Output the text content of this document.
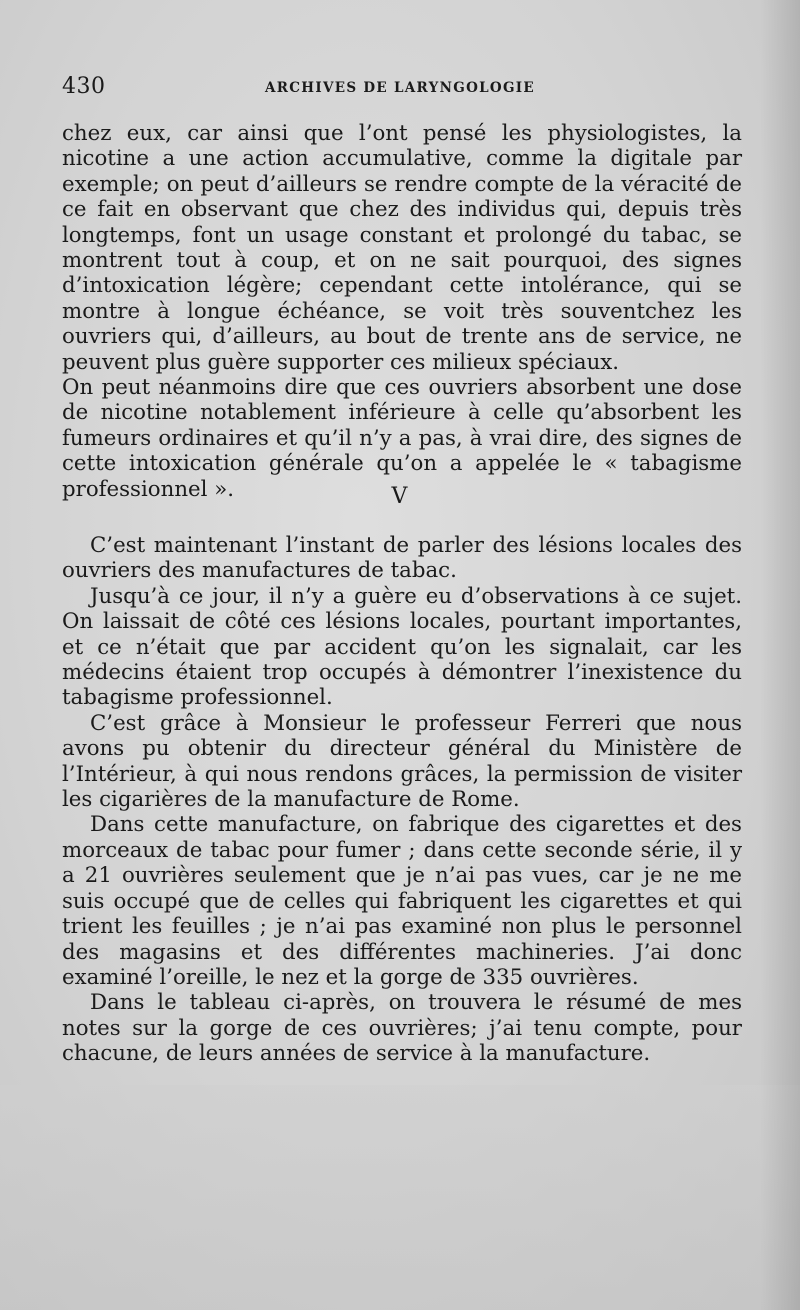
430	ARCHIVES DE LARYNGOLOGIE

chez eux, car ainsi que l’ont pensé les physiologistes, la nicotine a une action accumulative, comme la digitale par exemple; on peut d’ailleurs se rendre compte de la véracité de ce fait en observant que chez des individus qui, depuis très longtemps, font un usage constant et prolongé du tabac, se montrent tout à coup, et on ne sait pourquoi, des signes d’intoxication légère; cependant cette intolérance, qui se montre à longue échéance, se voit très souventchez les ouvriers qui, d’ailleurs, au bout de trente ans de service, ne peuvent plus guère supporter ces milieux spéciaux.

On peut néanmoins dire que ces ouvriers absorbent une dose de nicotine notablement inférieure à celle qu’absorbent les fumeurs ordinaires et qu’il n’y a pas, à vrai dire, des signes de cette intoxication générale qu’on a appelée le « tabagisme professionnel ».	V

C’est maintenant l’instant de parler des lésions locales des ouvriers des manufactures de tabac.

Jusqu’à ce jour, il n’y a guère eu d’observations à ce sujet. On laissait de côté ces lésions locales, pourtant importantes, et ce n’était que par accident qu’on les signalait, car les médecins étaient trop occupés à démontrer l’inexistence du tabagisme professionnel.

C’est grâce à Monsieur le professeur Ferreri que nous avons pu obtenir du directeur général du Ministère de l’Intérieur, à qui nous rendons grâces, la permission de visiter les cigarières de la manufacture de Rome.

Dans cette manufacture, on fabrique des cigarettes et des morceaux de tabac pour fumer ; dans cette seconde série, il y a 21 ouvrières seulement que je n’ai pas vues, car je ne me suis occupé que de celles qui fabriquent les cigarettes et qui trient les feuilles ; je n’ai pas examiné non plus le personnel des magasins et des différentes machineries. J’ai donc examiné l’oreille, le nez et la gorge de 335 ouvrières.

Dans le tableau ci-après, on trouvera le résumé de mes notes sur la gorge de ces ouvrières; j’ai tenu compte, pour chacune, de leurs années de service à la manufacture.
